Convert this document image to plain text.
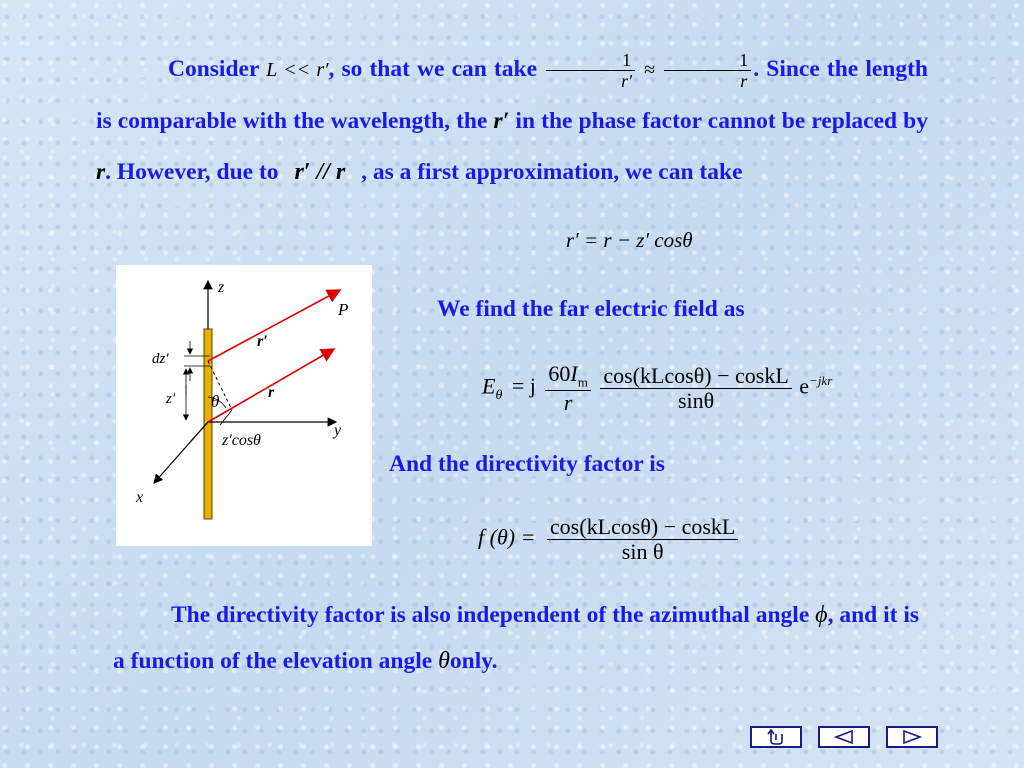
Consider L << r′, so that we can take $\frac{1}{r'} \approx \frac{1}{r}$ . Since the length is comparable with the wavelength, the r′ in the phase factor cannot be replaced by r. However, due to r′ // r , as a first approximation, we can take
r′ = r − z′ cosθ
z
y
x
P
r′
r
dz′
z′ θ
z′cosθ
We find the far electric field as
$E_\theta = j \frac{60I_m}{r}$
$\frac{\text{cos(kLcosθ) − coskL}}{\sin\theta} e^{-jkr}$
And the directivity factor is
f $(\theta) = \frac{\text{cos(kLcosθ) − coskL}}{\text{sin θ}}$
The directivity factor is also independent of the azimuthal angle ϕ, and it is a function of the elevation angle θonly.
